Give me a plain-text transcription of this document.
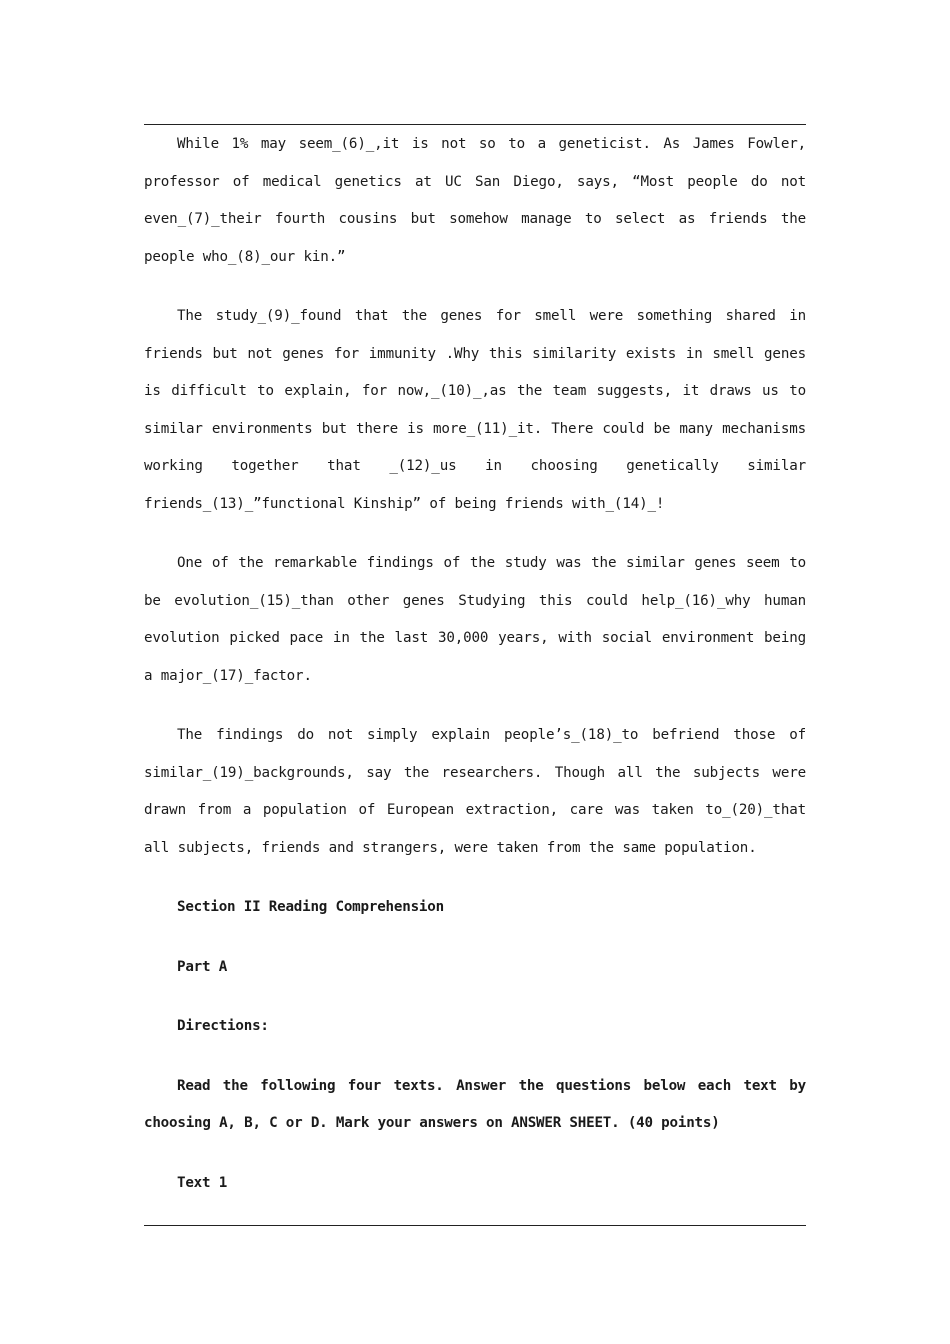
While 1% may seem_(6)_,it is not so to a geneticist. As James Fowler, professor of medical genetics at UC San Diego, says, “Most people do not even_(7)_their fourth cousins but somehow manage to select as friends the people who_(8)_our kin.”

The study_(9)_found that the genes for smell were something shared in friends but not genes for immunity .Why this similarity exists in smell genes is difficult to explain, for now,_(10)_,as the team suggests, it draws us to similar environments but there is more_(11)_it. There could be many mechanisms working together that _(12)_us in choosing genetically similar friends_(13)_”functional Kinship” of being friends with_(14)_!

One of the remarkable findings of the study was the similar genes seem to be evolution_(15)_than other genes Studying this could help_(16)_why human evolution picked pace in the last 30,000 years, with social environment being a major_(17)_factor.

The findings do not simply explain people’s_(18)_to befriend those of similar_(19)_backgrounds, say the researchers. Though all the subjects were drawn from a population of European extraction, care was taken to_(20)_that all subjects, friends and strangers, were taken from the same population.

Section II Reading Comprehension

Part A

Directions:

Read the following four texts. Answer the questions below each text by choosing A, B, C or D. Mark your answers on ANSWER SHEET. (40 points)

Text 1
